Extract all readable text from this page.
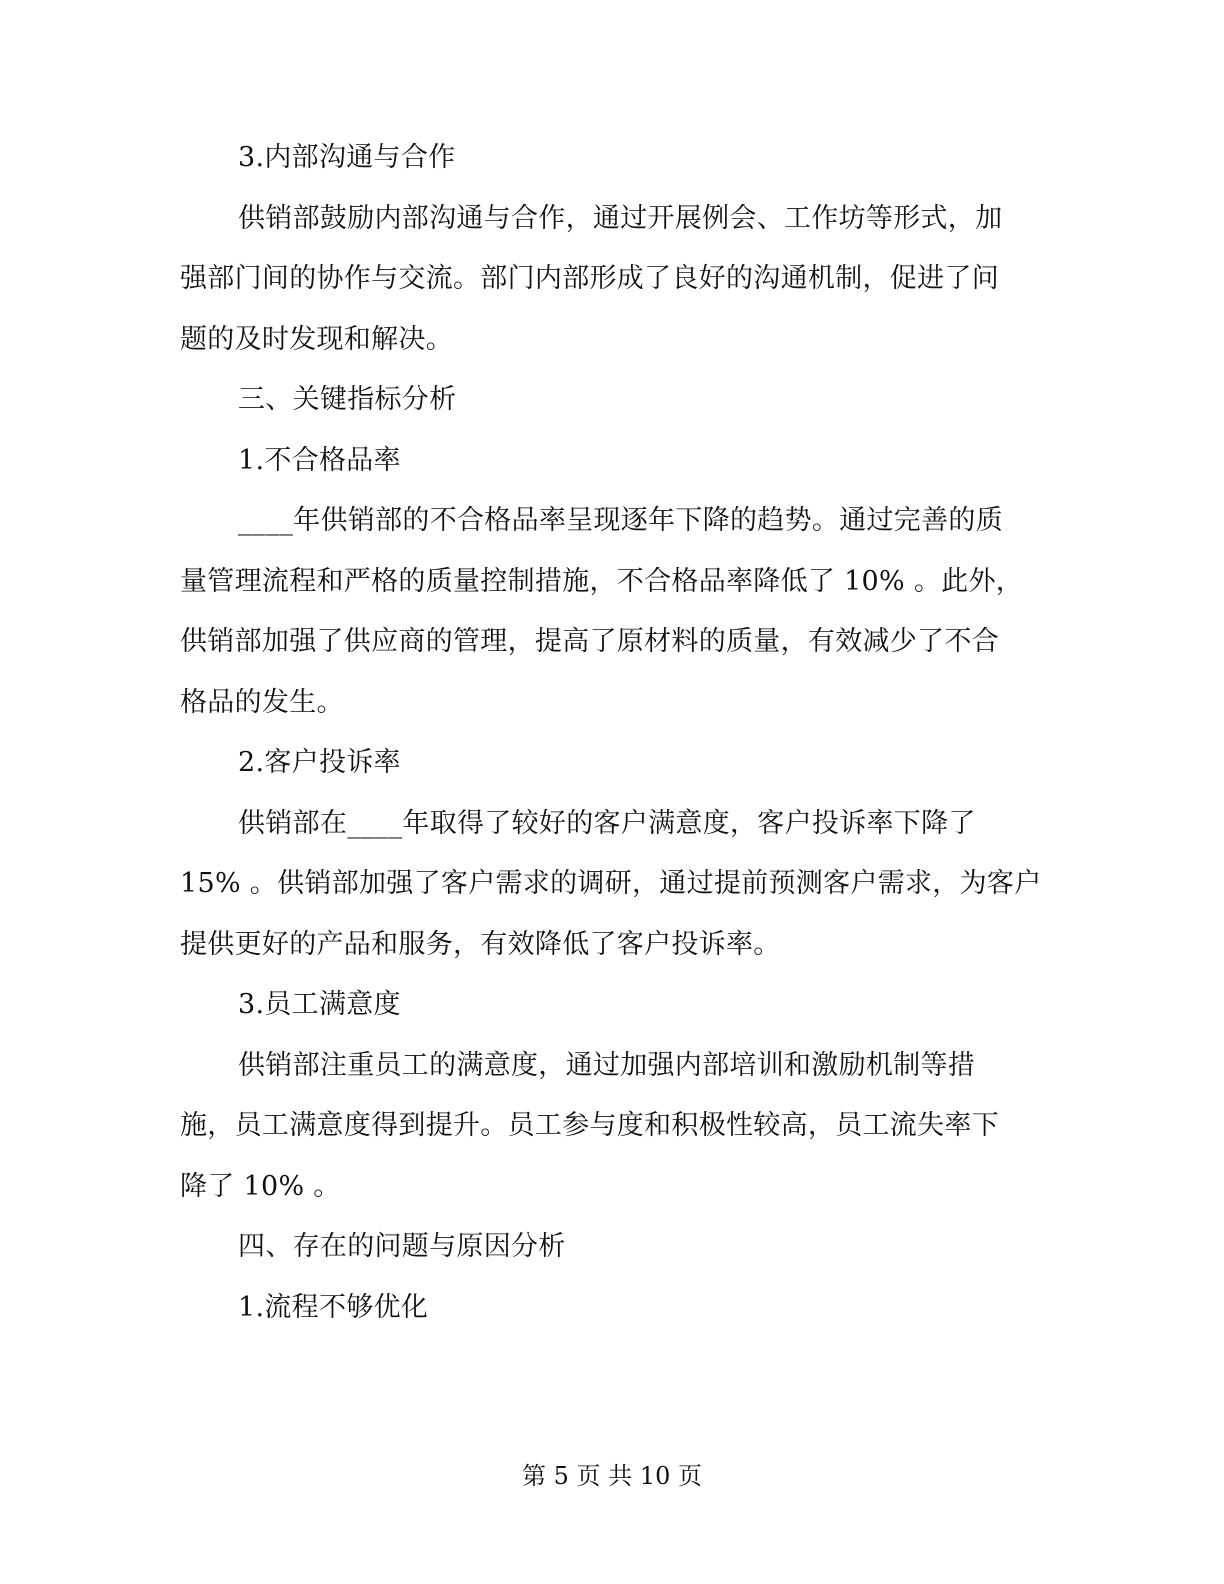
3.内部沟通与合作
供销部鼓励内部沟通与合作，通过开展例会、工作坊等形式，加
强部门间的协作与交流。部门内部形成了良好的沟通机制，促进了问
题的及时发现和解决。
三、关键指标分析
1.不合格品率
____年供销部的不合格品率呈现逐年下降的趋势。通过完善的质
量管理流程和严格的质量控制措施，不合格品率降低了 10% 。此外，
供销部加强了供应商的管理，提高了原材料的质量，有效减少了不合
格品的发生。
2.客户投诉率
供销部在____年取得了较好的客户满意度，客户投诉率下降了
15% 。供销部加强了客户需求的调研，通过提前预测客户需求，为客户
提供更好的产品和服务，有效降低了客户投诉率。
3.员工满意度
供销部注重员工的满意度，通过加强内部培训和激励机制等措
施，员工满意度得到提升。员工参与度和积极性较高，员工流失率下
降了 10% 。
四、存在的问题与原因分析
1.流程不够优化
第 5 页 共 10 页
